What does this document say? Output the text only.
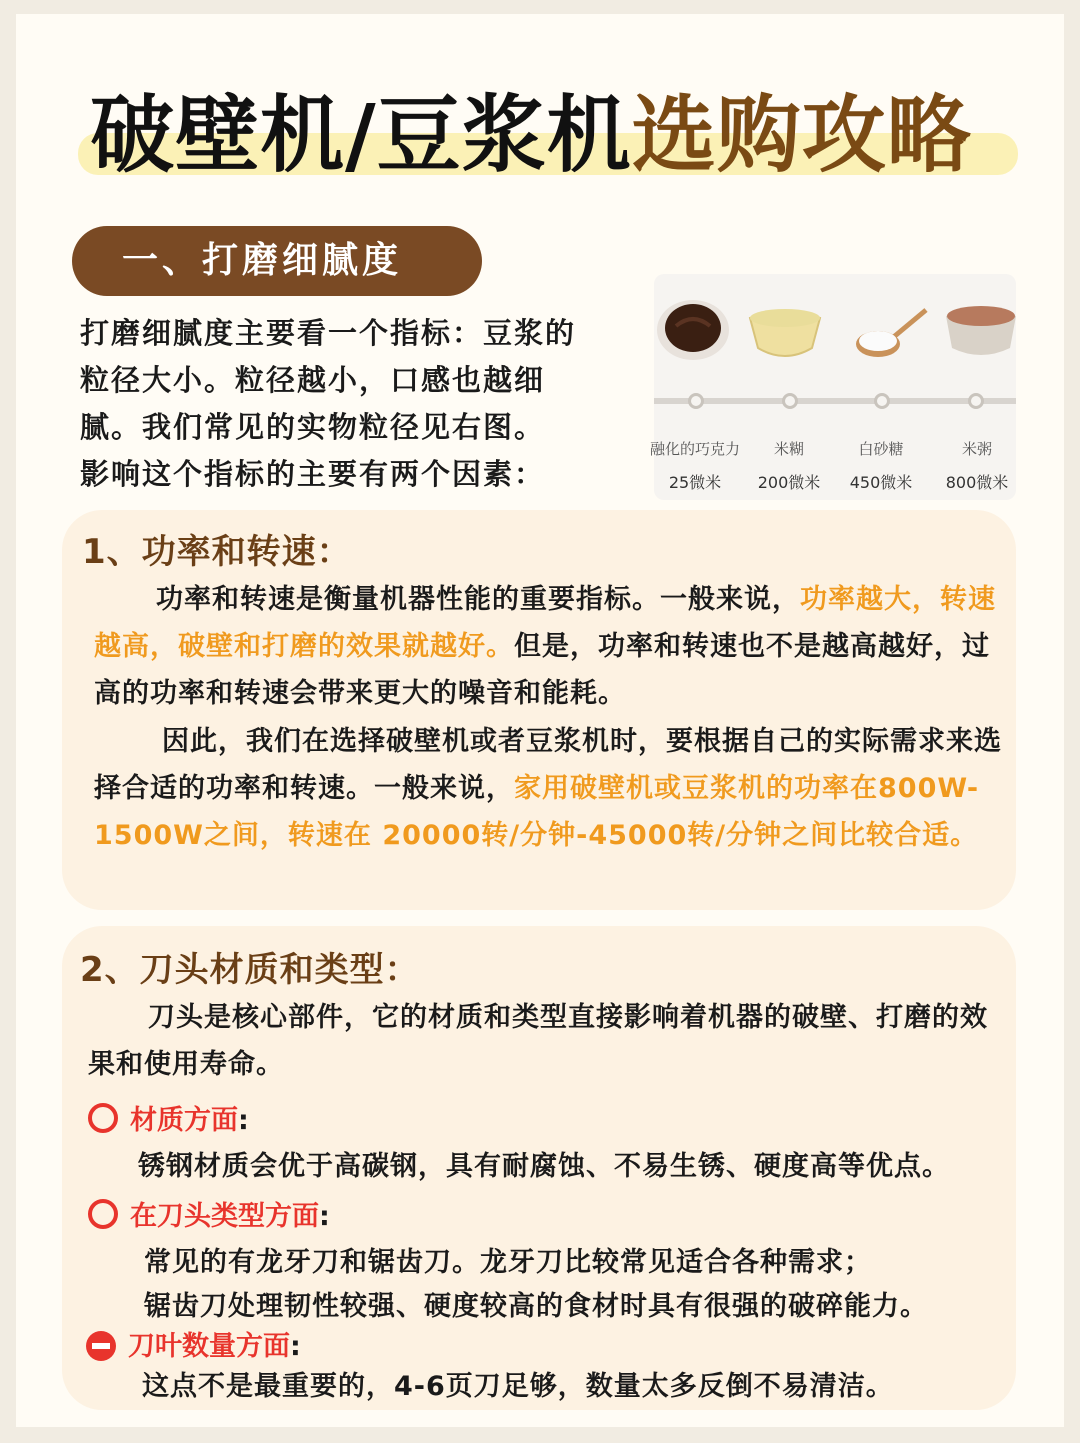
破壁机/豆浆机选购攻略
一、打磨细腻度

打磨细腻度主要看一个指标：豆浆的

粒径大小。粒径越小，口感也越细

腻。我们常见的实物粒径见右图。

影响这个指标的主要有两个因素：

融化的巧克力	米糊	白砂糖	米粥
25微米	200微米	450微米	800微米
1、功率和转速：
功率和转速是衡量机器性能的重要指标。一般来说，功率越大，转速越高，破壁和打磨的效果就越好。但是，功率和转速也不是越高越好，过高的功率和转速会带来更大的噪音和能耗。
因此，我们在选择破壁机或者豆浆机时，要根据自己的实际需求来选择合适的功率和转速。一般来说，家用破壁机或豆浆机的功率在800W-1500W之间，转速在 20000转/分钟-45000转/分钟之间比较合适。
2、刀头材质和类型：
刀头是核心部件，它的材质和类型直接影响着机器的破壁、打磨的效果和使用寿命。
材质方面:
锈钢材质会优于高碳钢，具有耐腐蚀、不易生锈、硬度高等优点。
在刀头类型方面:
常见的有龙牙刀和锯齿刀。龙牙刀比较常见适合各种需求；
锯齿刀处理韧性较强、硬度较高的食材时具有很强的破碎能力。
刀叶数量方面:
这点不是最重要的，4-6页刀足够，数量太多反倒不易清洁。
